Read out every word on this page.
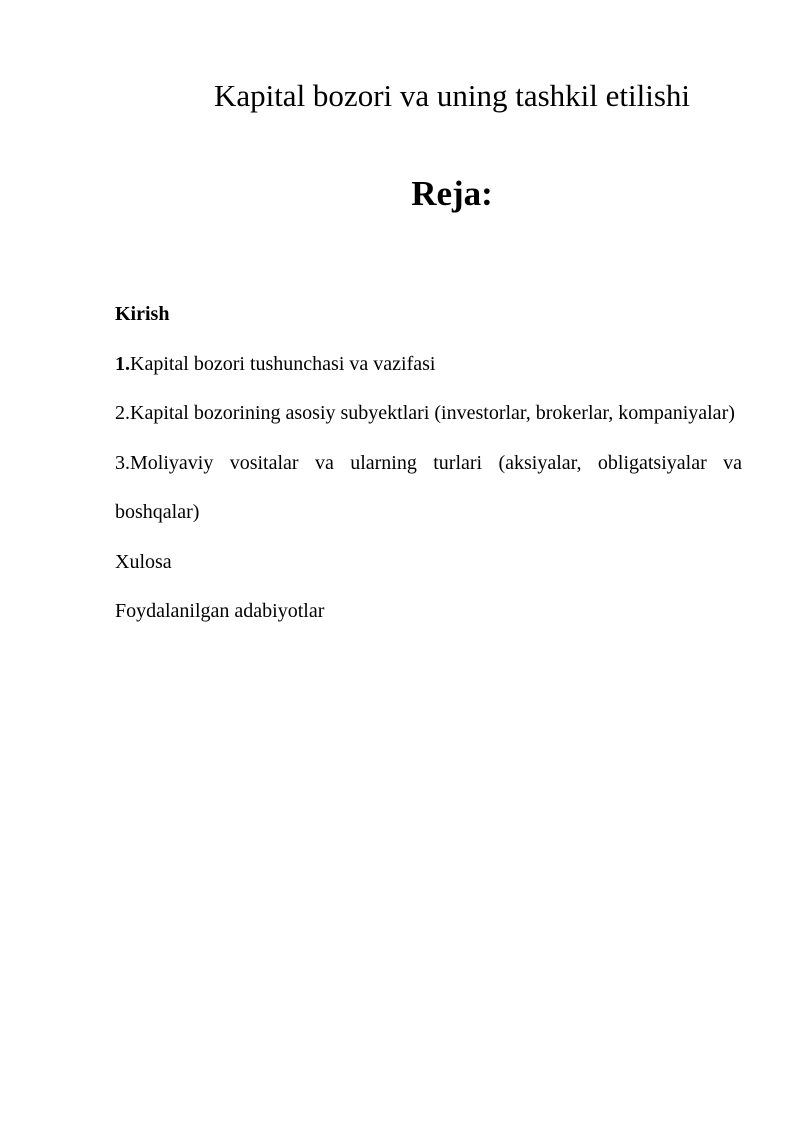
Kapital bozori va uning tashkil etilishi
Reja:
Kirish
1.Kapital bozori tushunchasi va vazifasi
2.Kapital bozorining asosiy subyektlari (investorlar, brokerlar, kompaniyalar)
3.Moliyaviy vositalar va ularning turlari (aksiyalar, obligatsiyalar va boshqalar)
Xulosa
Foydalanilgan adabiyotlar
